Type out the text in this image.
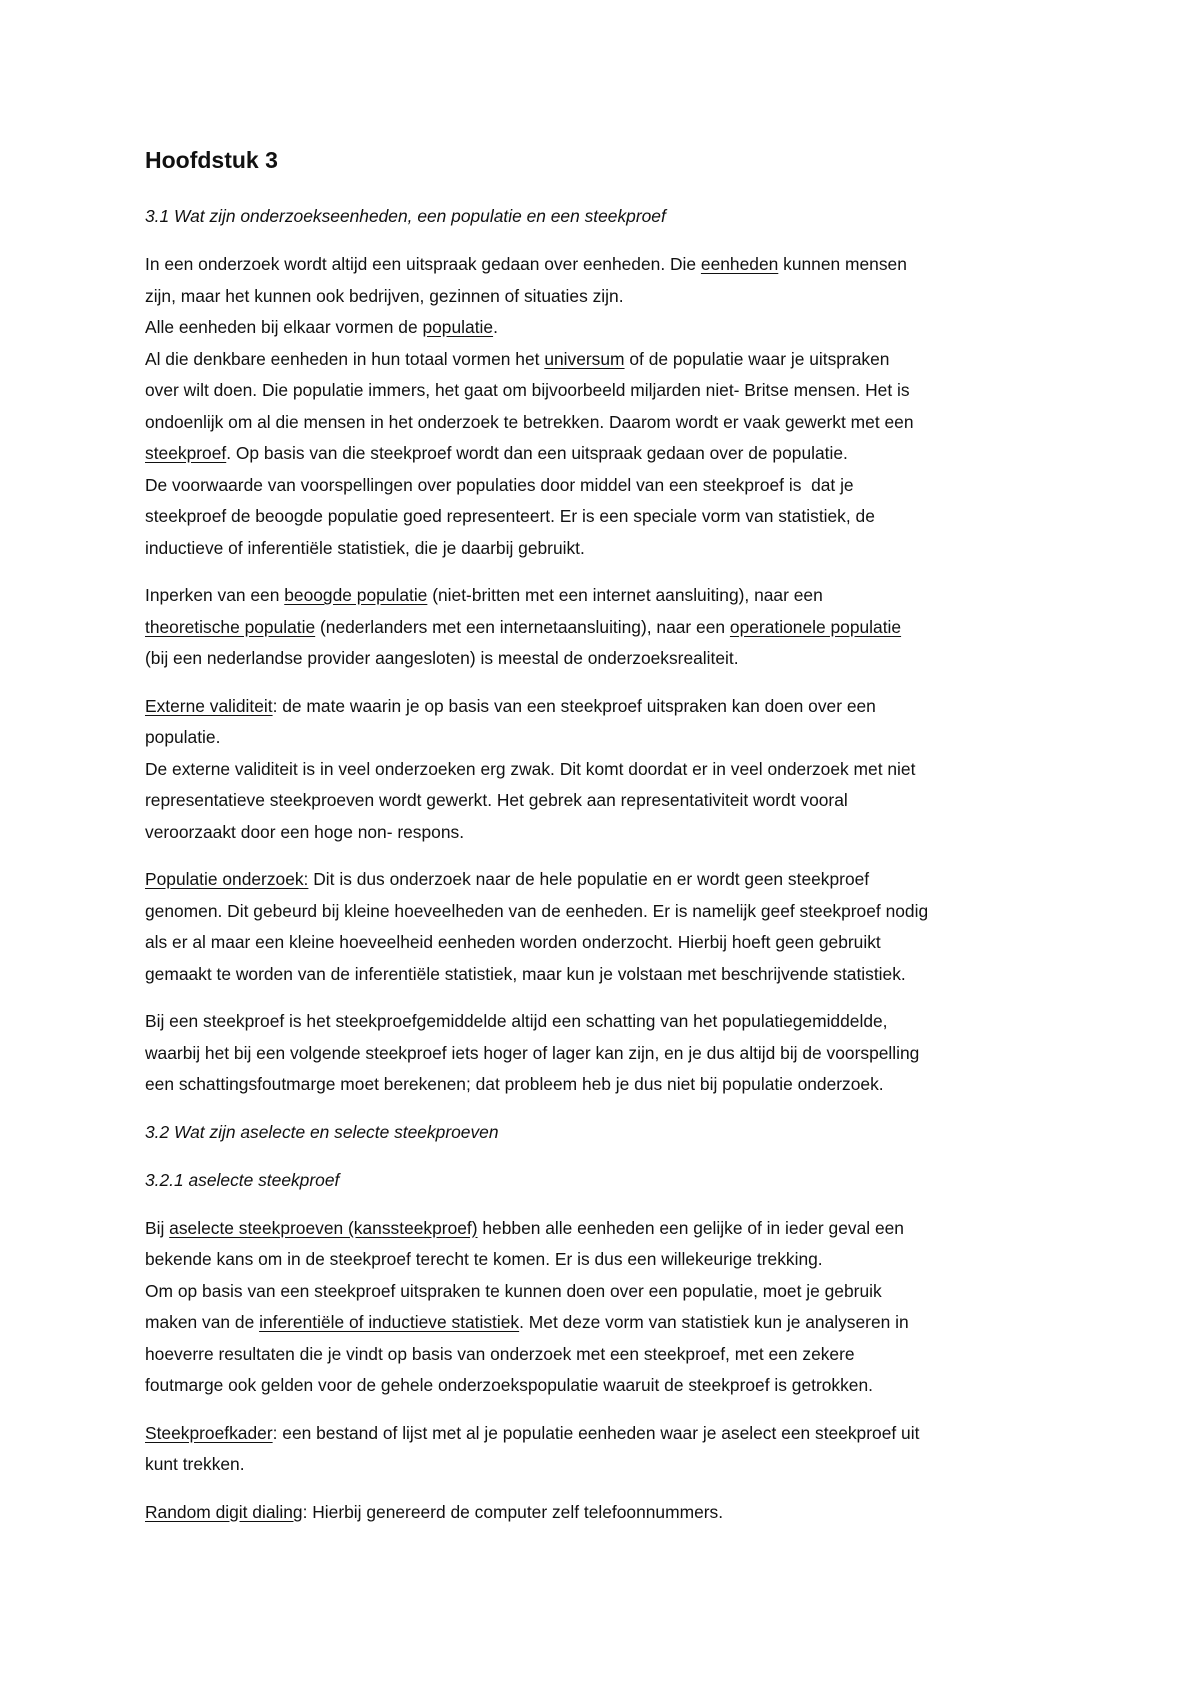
Hoofdstuk 3
3.1 Wat zijn onderzoekseenheden, een populatie en een steekproef
In een onderzoek wordt altijd een uitspraak gedaan over eenheden. Die eenheden kunnen mensen
zijn, maar het kunnen ook bedrijven, gezinnen of situaties zijn.
Alle eenheden bij elkaar vormen de populatie.
Al die denkbare eenheden in hun totaal vormen het universum of de populatie waar je uitspraken
over wilt doen. Die populatie immers, het gaat om bijvoorbeeld miljarden niet- Britse mensen. Het is
ondoenlijk om al die mensen in het onderzoek te betrekken. Daarom wordt er vaak gewerkt met een
steekproef. Op basis van die steekproef wordt dan een uitspraak gedaan over de populatie.
De voorwaarde van voorspellingen over populaties door middel van een steekproef is  dat je
steekproef de beoogde populatie goed representeert. Er is een speciale vorm van statistiek, de
inductieve of inferentiële statistiek, die je daarbij gebruikt.
Inperken van een beoogde populatie (niet-britten met een internet aansluiting), naar een
theoretische populatie (nederlanders met een internetaansluiting), naar een operationele populatie
(bij een nederlandse provider aangesloten) is meestal de onderzoeksrealiteit.
Externe validiteit: de mate waarin je op basis van een steekproef uitspraken kan doen over een
populatie.
De externe validiteit is in veel onderzoeken erg zwak. Dit komt doordat er in veel onderzoek met niet
representatieve steekproeven wordt gewerkt. Het gebrek aan representativiteit wordt vooral
veroorzaakt door een hoge non- respons.
Populatie onderzoek: Dit is dus onderzoek naar de hele populatie en er wordt geen steekproef
genomen. Dit gebeurd bij kleine hoeveelheden van de eenheden. Er is namelijk geef steekproef nodig
als er al maar een kleine hoeveelheid eenheden worden onderzocht. Hierbij hoeft geen gebruikt
gemaakt te worden van de inferentiële statistiek, maar kun je volstaan met beschrijvende statistiek.
Bij een steekproef is het steekproefgemiddelde altijd een schatting van het populatiegemiddelde,
waarbij het bij een volgende steekproef iets hoger of lager kan zijn, en je dus altijd bij de voorspelling
een schattingsfoutmarge moet berekenen; dat probleem heb je dus niet bij populatie onderzoek.
3.2 Wat zijn aselecte en selecte steekproeven
3.2.1 aselecte steekproef
Bij aselecte steekproeven (kanssteekproef) hebben alle eenheden een gelijke of in ieder geval een
bekende kans om in de steekproef terecht te komen. Er is dus een willekeurige trekking.
Om op basis van een steekproef uitspraken te kunnen doen over een populatie, moet je gebruik
maken van de inferentiële of inductieve statistiek. Met deze vorm van statistiek kun je analyseren in
hoeverre resultaten die je vindt op basis van onderzoek met een steekproef, met een zekere
foutmarge ook gelden voor de gehele onderzoekspopulatie waaruit de steekproef is getrokken.
Steekproefkader: een bestand of lijst met al je populatie eenheden waar je aselect een steekproef uit
kunt trekken.
Random digit dialing: Hierbij genereerd de computer zelf telefoonnummers.
